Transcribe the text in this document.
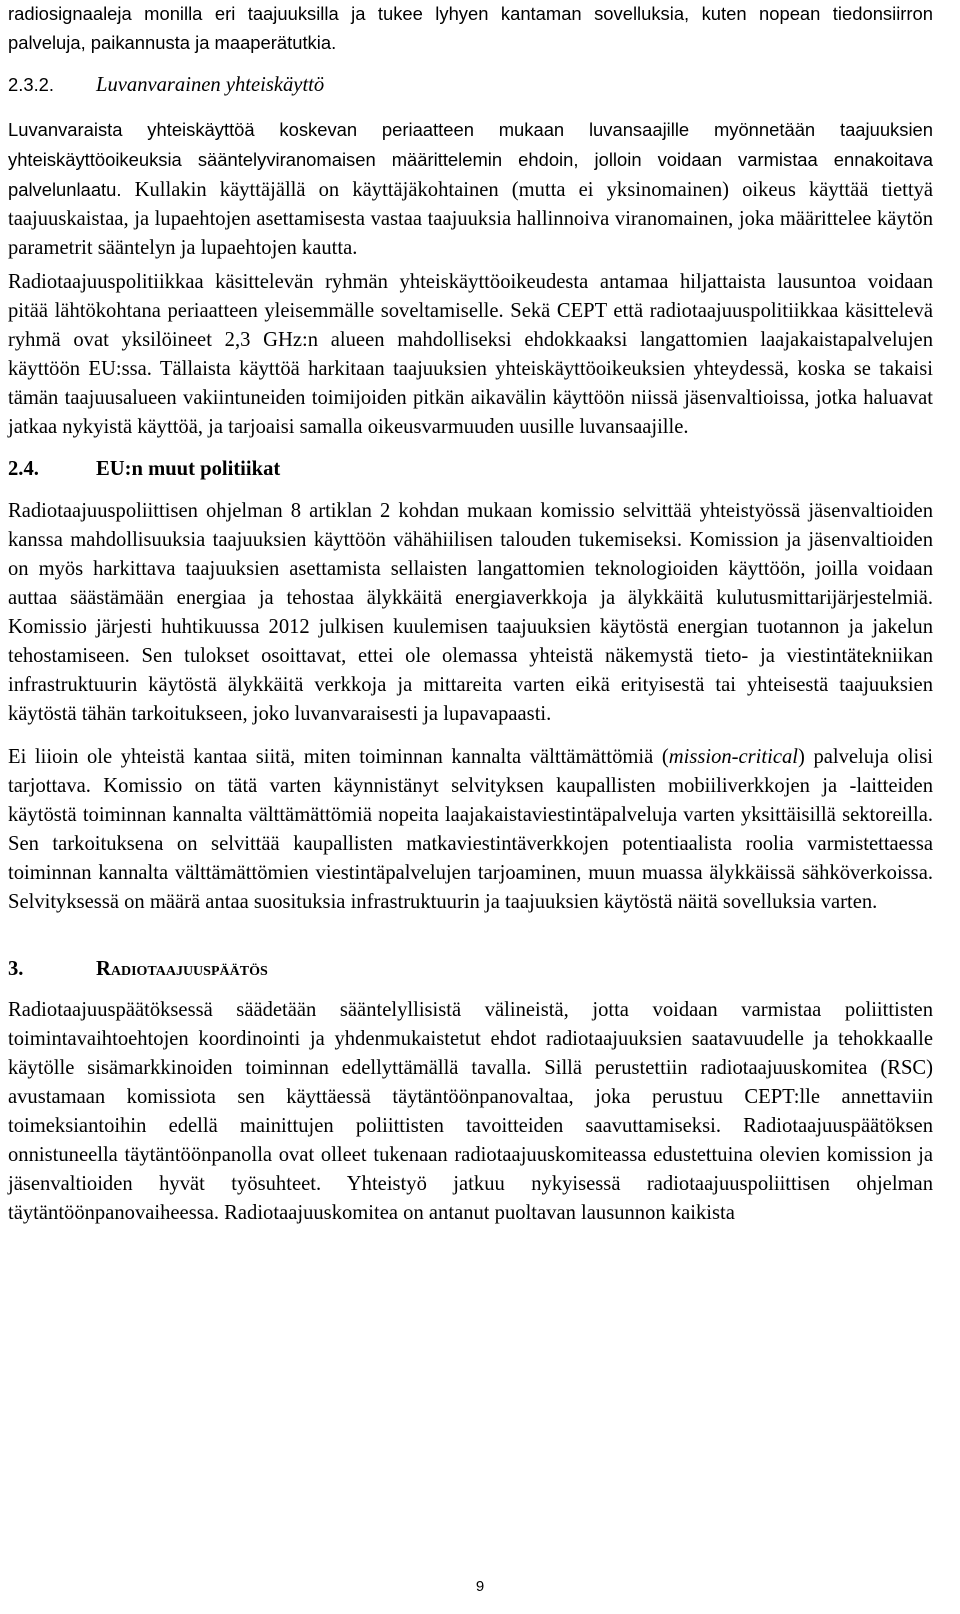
radiosignaaleja monilla eri taajuuksilla ja tukee lyhyen kantaman sovelluksia, kuten nopean tiedonsiirron palveluja, paikannusta ja maaperätutkia.

2.3.2. Luvanvarainen yhteiskäyttö

Luvanvaraista yhteiskäyttöä koskevan periaatteen mukaan luvansaajille myönnetään taajuuksien yhteiskäyttöoikeuksia sääntelyviranomaisen määrittelemin ehdoin, jolloin voidaan varmistaa ennakoitava palvelunlaatu. Kullakin käyttäjällä on käyttäjäkohtainen (mutta ei yksinomainen) oikeus käyttää tiettyä taajuuskaistaa, ja lupaehtojen asettamisesta vastaa taajuuksia hallinnoiva viranomainen, joka määrittelee käytön parametrit sääntelyn ja lupaehtojen kautta.

Radiotaajuuspolitiikkaa käsittelevän ryhmän yhteiskäyttöoikeudesta antamaa hiljattaista lausuntoa voidaan pitää lähtökohtana periaatteen yleisemmälle soveltamiselle. Sekä CEPT että radiotaajuuspolitiikkaa käsittelevä ryhmä ovat yksilöineet 2,3 GHz:n alueen mahdolliseksi ehdokkaaksi langattomien laajakaistapalvelujen käyttöön EU:ssa. Tällaista käyttöä harkitaan taajuuksien yhteiskäyttöoikeuksien yhteydessä, koska se takaisi tämän taajuusalueen vakiintuneiden toimijoiden pitkän aikavälin käyttöön niissä jäsenvaltioissa, jotka haluavat jatkaa nykyistä käyttöä, ja tarjoaisi samalla oikeusvarmuuden uusille luvansaajille.

2.4.	EU:n muut politiikat

Radiotaajuuspoliittisen ohjelman 8 artiklan 2 kohdan mukaan komissio selvittää yhteistyössä jäsenvaltioiden kanssa mahdollisuuksia taajuuksien käyttöön vähähiilisen talouden tukemiseksi. Komission ja jäsenvaltioiden on myös harkittava taajuuksien asettamista sellaisten langattomien teknologioiden käyttöön, joilla voidaan auttaa säästämään energiaa ja tehostaa älykkäitä energiaverkkoja ja älykkäitä kulutusmittarijärjestelmiä. Komissio järjesti huhtikuussa 2012 julkisen kuulemisen taajuuksien käytöstä energian tuotannon ja jakelun tehostamiseen. Sen tulokset osoittavat, ettei ole olemassa yhteistä näkemystä tieto- ja viestintätekniikan infrastruktuurin käytöstä älykkäitä verkkoja ja mittareita varten eikä erityisestä tai yhteisestä taajuuksien käytöstä tähän tarkoitukseen, joko luvanvaraisesti ja lupavapaasti.

Ei liioin ole yhteistä kantaa siitä, miten toiminnan kannalta välttämättömiä (mission-critical) palveluja olisi tarjottava. Komissio on tätä varten käynnistänyt selvityksen kaupallisten mobiiliverkkojen ja -laitteiden käytöstä toiminnan kannalta välttämättömiä nopeita laajakaistaviestintäpalveluja varten yksittäisillä sektoreilla. Sen tarkoituksena on selvittää kaupallisten matkaviestintäverkkojen potentiaalista roolia varmistettaessa toiminnan kannalta välttämättömien viestintäpalvelujen tarjoaminen, muun muassa älykkäissä sähköverkoissa. Selvityksessä on määrä antaa suosituksia infrastruktuurin ja taajuuksien käytöstä näitä sovelluksia varten.

3.	Radiotaajuuspäätös

Radiotaajuuspäätöksessä säädetään sääntelyllisistä välineistä, jotta voidaan varmistaa poliittisten toimintavaihtoehtojen koordinointi ja yhdenmukaistetut ehdot radiotaajuuksien saatavuudelle ja tehokkaalle käytölle sisämarkkinoiden toiminnan edellyttämällä tavalla. Sillä perustettiin radiotaajuuskomitea (RSC) avustamaan komissiota sen käyttäessä täytäntöönpanovaltaa, joka perustuu CEPT:lle annettaviin toimeksiantoihin edellä mainittujen poliittisten tavoitteiden saavuttamiseksi. Radiotaajuuspäätöksen onnistuneella täytäntöönpanolla ovat olleet tukenaan radiotaajuuskomiteassa edustettuina olevien komission ja jäsenvaltioiden hyvät työsuhteet. Yhteistyö jatkuu nykyisessä radiotaajuuspoliittisen ohjelman täytäntöönpanovaiheessa. Radiotaajuuskomitea on antanut puoltavan lausunnon kaikista

9
